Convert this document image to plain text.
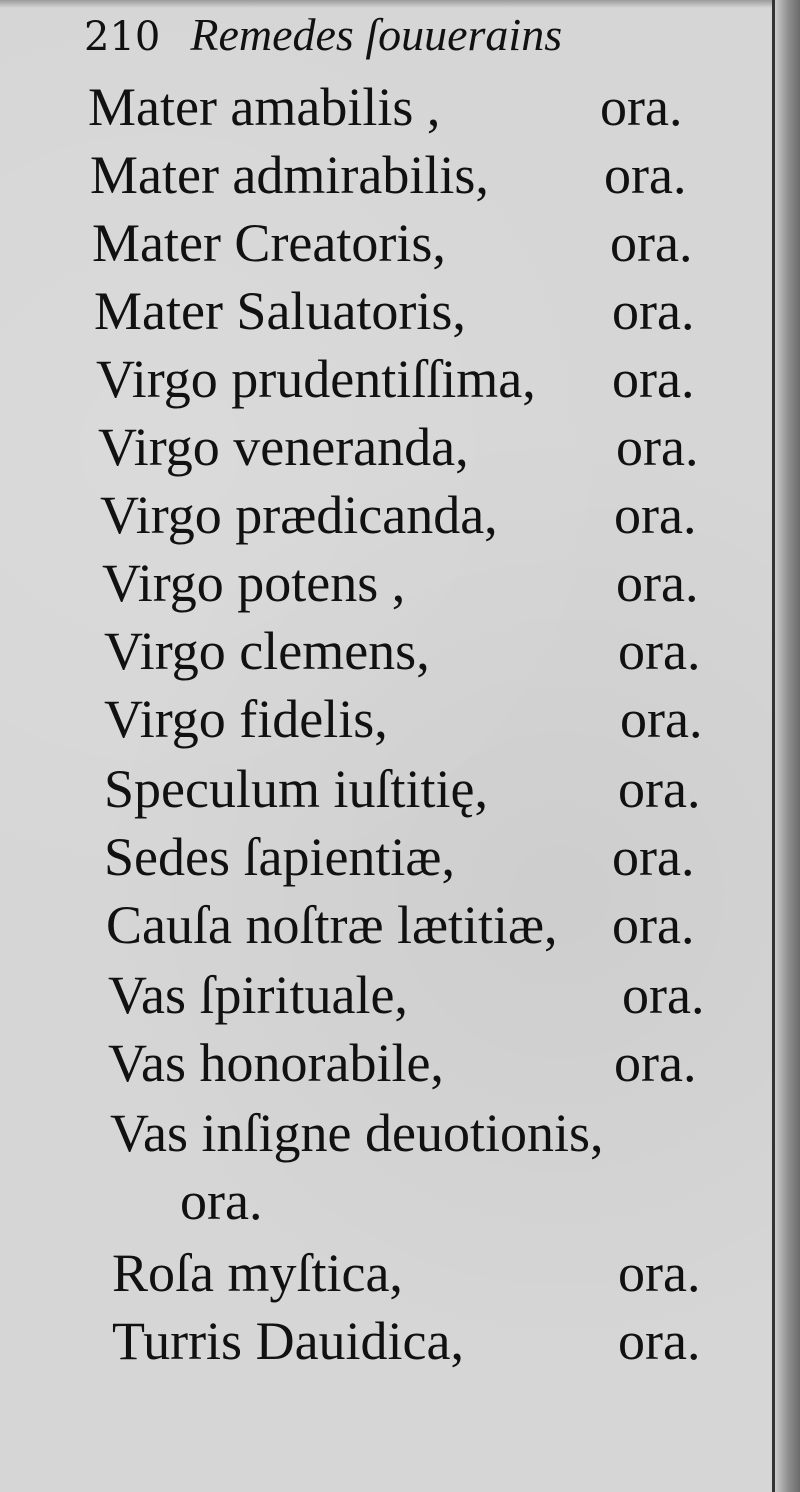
210 Remedes ſouuerains
Mater amabilis ,	ora.
Mater admirabilis, ora.
Mater Creatoris,	ora.
Mater Saluatoris,	ora.
Virgo prudentiſſima, ora.
Virgo veneranda,	ora.
Virgo prædicanda, ora.
Virgo potens ,	ora.
Virgo clemens,	ora.
Virgo fidelis,	ora.
Speculum iuſtitię, ora.
Sedes ſapientiæ,	ora.
Cauſa noſtræ lætitiæ, ora.
Vas ſpirituale,	ora.
Vas honorabile,	ora.
Vas inſigne deuotionis,
ora.
Roſa myſtica,	ora.
Turris Dauidica,	ora.
